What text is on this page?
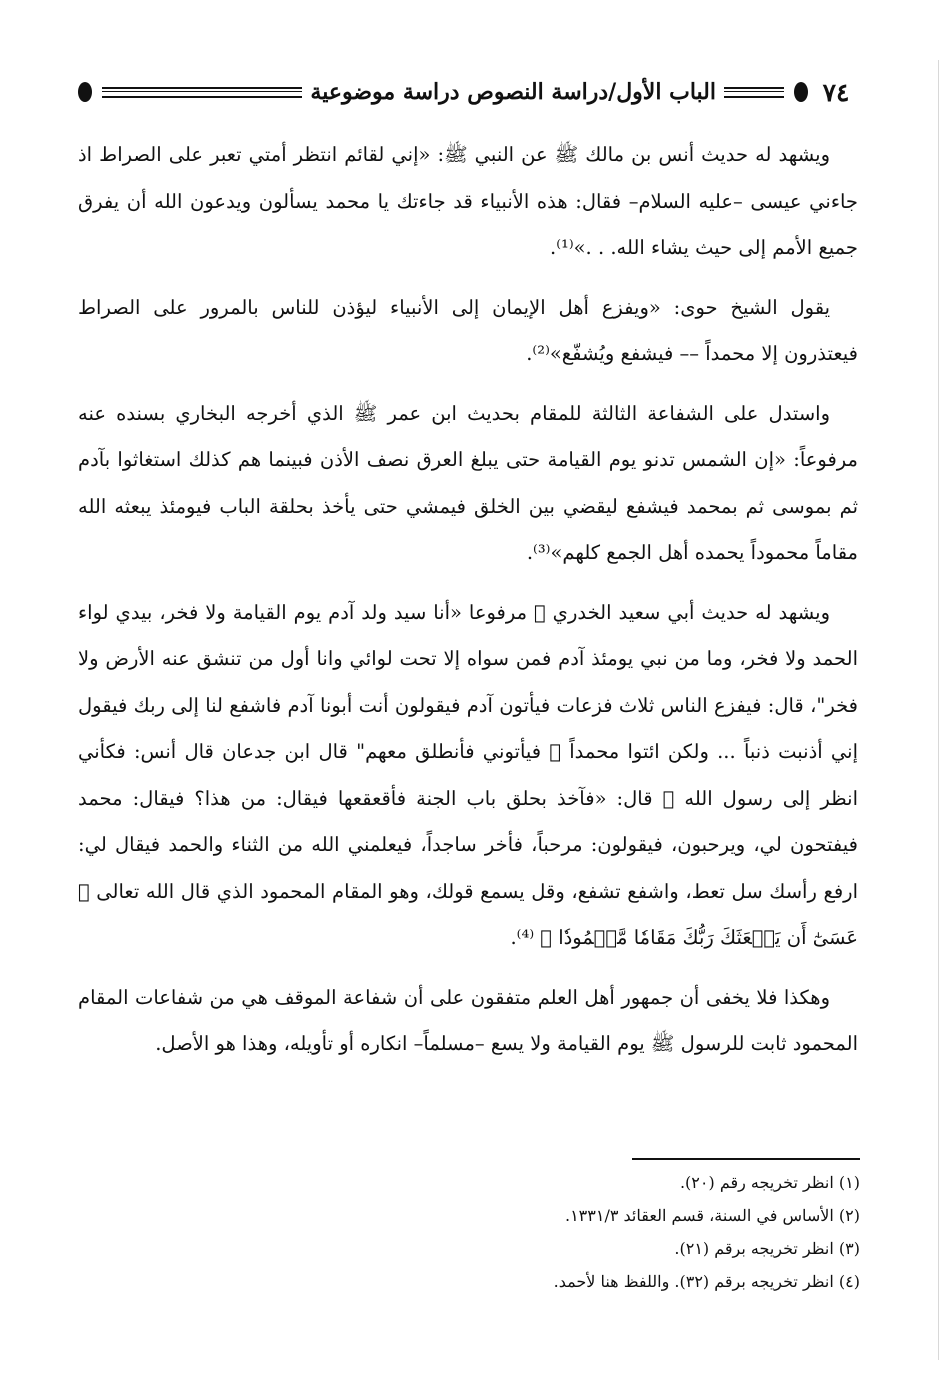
٧٤
الباب الأول/دراسة النصوص دراسة موضوعية

ويشهد له حديث أنس بن مالك ﷺ عن النبي ﷺ: «إني لقائم انتظر أمتي تعبر على الصراط اذ جاءني عيسى –عليه السلام– فقال: هذه الأنبياء قد جاءتك يا محمد يسألون ويدعون الله أن يفرق جميع الأمم إلى حيث يشاء الله. . .»⁽¹⁾.

يقول الشيخ حوى: «ويفزع أهل الإيمان إلى الأنبياء ليؤذن للناس بالمرور على الصراط فيعتذرون إلا محمداً –– فيشفع ويُشفّع»⁽²⁾.

واستدل على الشفاعة الثالثة للمقام بحديث ابن عمر ﷺ الذي أخرجه البخاري بسنده عنه مرفوعاً: «إن الشمس تدنو يوم القيامة حتى يبلغ العرق نصف الأذن فبينما هم كذلك استغاثوا بآدم ثم بموسى ثم بمحمد فيشفع ليقضي بين الخلق فيمشي حتى يأخذ بحلقة الباب فيومئذ يبعثه الله مقاماً محموداً يحمده أهل الجمع كلهم»⁽³⁾.

ويشهد له حديث أبي سعيد الخدري ﷺ مرفوعا «أنا سيد ولد آدم يوم القيامة ولا فخر، بيدي لواء الحمد ولا فخر، وما من نبي يومئذ آدم فمن سواه إلا تحت لوائي وانا أول من تنشق عنه الأرض ولا فخر"، قال: فيفزع الناس ثلاث فزعات فيأتون آدم فيقولون أنت أبونا آدم فاشفع لنا إلى ربك فيقول إني أذنبت ذنباً ... ولكن ائتوا محمداً ﷺ فيأتوني فأنطلق معهم" قال ابن جدعان قال أنس: فكأني انظر إلى رسول الله ﷺ قال: «فآخذ بحلق باب الجنة فأقعقعها فيقال: من هذا؟ فيقال: محمد فيفتحون لي، ويرحبون، فيقولون: مرحباً، فأخر ساجداً، فيعلمني الله من الثناء والحمد فيقال لي: ارفع رأسك سل تعط، واشفع تشفع، وقل يسمع قولك، وهو المقام المحمود الذي قال الله تعالى ﴿ عَسَىٰٓ أَن يَبۡعَثَكَ رَبُّكَ مَقَامٗا مَّحۡمُودٗا ﴾ ⁽⁴⁾.

وهكذا فلا يخفى أن جمهور أهل العلم متفقون على أن شفاعة الموقف هي من شفاعات المقام المحمود ثابت للرسول ﷺ يوم القيامة ولا يسع –مسلماً– انكاره أو تأويله، وهذا هو الأصل.

(١) انظر تخريجه رقم (٢٠).
(٢) الأساس في السنة، قسم العقائد ١٣٣١/٣.
(٣) انظر تخريجه برقم (٢١).
(٤) انظر تخريجه برقم (٣٢). واللفظ هنا لأحمد.
